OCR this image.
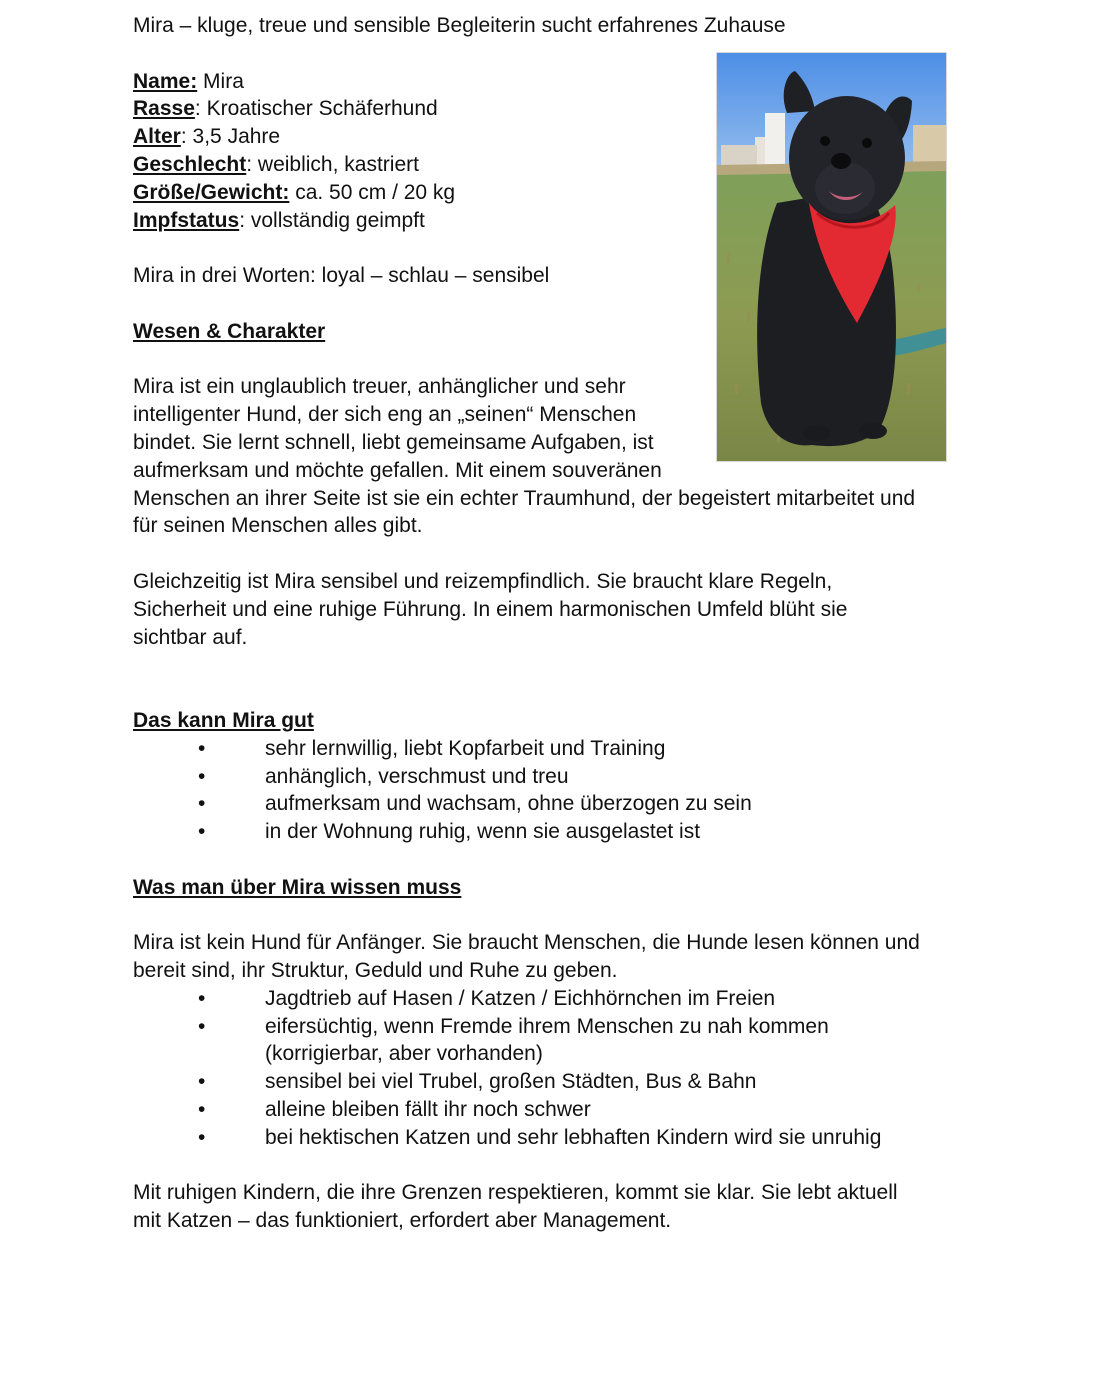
Mira – kluge, treue und sensible Begleiterin sucht erfahrenes Zuhause
Name: Mira
Rasse: Kroatischer Schäferhund
Alter: 3,5 Jahre
Geschlecht: weiblich, kastriert
Größe/Gewicht: ca. 50 cm / 20 kg
Impfstatus: vollständig geimpft
Mira in drei Worten: loyal – schlau – sensibel
Wesen & Charakter
Mira ist ein unglaublich treuer, anhänglicher und sehr
intelligenter Hund, der sich eng an „seinen“ Menschen
bindet. Sie lernt schnell, liebt gemeinsame Aufgaben, ist
aufmerksam und möchte gefallen. Mit einem souveränen
Menschen an ihrer Seite ist sie ein echter Traumhund, der begeistert mitarbeitet und
für seinen Menschen alles gibt.
Gleichzeitig ist Mira sensibel und reizempfindlich. Sie braucht klare Regeln,
Sicherheit und eine ruhige Führung. In einem harmonischen Umfeld blüht sie
sichtbar auf.
Das kann Mira gut
•	sehr lernwillig, liebt Kopfarbeit und Training
•	anhänglich, verschmust und treu
•	aufmerksam und wachsam, ohne überzogen zu sein
•	in der Wohnung ruhig, wenn sie ausgelastet ist
Was man über Mira wissen muss
Mira ist kein Hund für Anfänger. Sie braucht Menschen, die Hunde lesen können und
bereit sind, ihr Struktur, Geduld und Ruhe zu geben.
•	Jagdtrieb auf Hasen / Katzen / Eichhörnchen im Freien
•	eifersüchtig, wenn Fremde ihrem Menschen zu nah kommen
(korrigierbar, aber vorhanden)
•	sensibel bei viel Trubel, großen Städten, Bus & Bahn
•	alleine bleiben fällt ihr noch schwer
•	bei hektischen Katzen und sehr lebhaften Kindern wird sie unruhig
Mit ruhigen Kindern, die ihre Grenzen respektieren, kommt sie klar. Sie lebt aktuell
mit Katzen – das funktioniert, erfordert aber Management.
